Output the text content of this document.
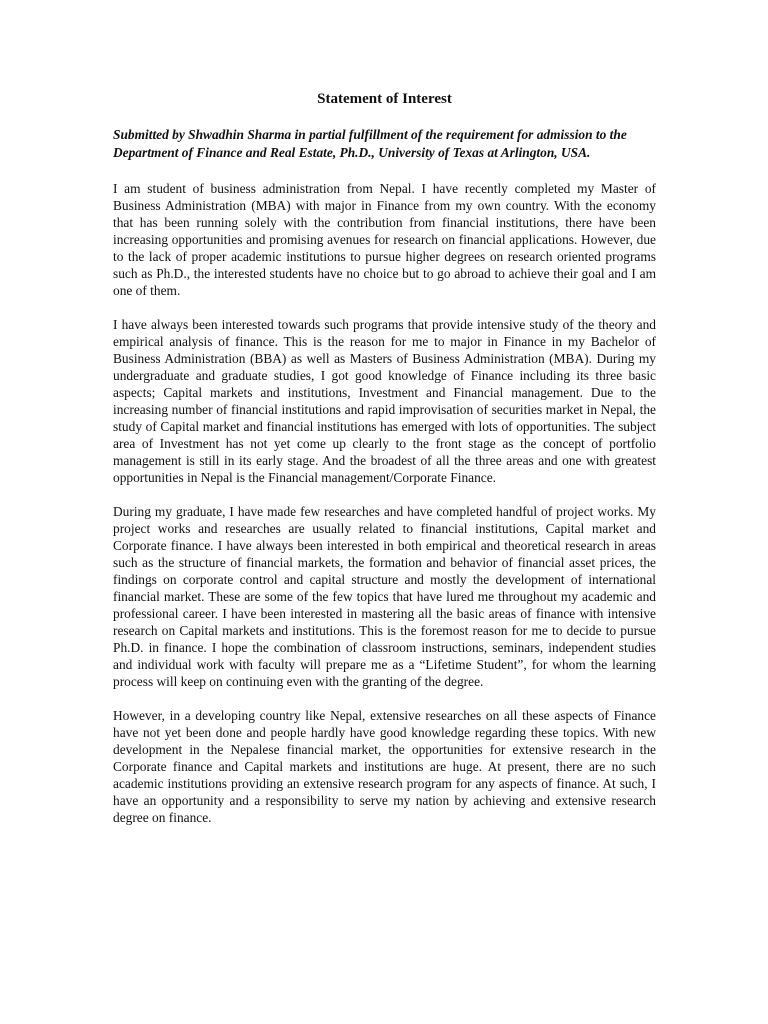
Statement of Interest
Submitted by Shwadhin Sharma in partial fulfillment of the requirement for admission to the Department of Finance and Real Estate, Ph.D., University of Texas at Arlington, USA.

I am student of business administration from Nepal. I have recently completed my Master of Business Administration (MBA) with major in Finance from my own country. With the economy that has been running solely with the contribution from financial institutions, there have been increasing opportunities and promising avenues for research on financial applications. However, due to the lack of proper academic institutions to pursue higher degrees on research oriented programs such as Ph.D., the interested students have no choice but to go abroad to achieve their goal and I am one of them.

I have always been interested towards such programs that provide intensive study of the theory and empirical analysis of finance. This is the reason for me to major in Finance in my Bachelor of Business Administration (BBA) as well as Masters of Business Administration (MBA). During my undergraduate and graduate studies, I got good knowledge of Finance including its three basic aspects; Capital markets and institutions, Investment and Financial management. Due to the increasing number of financial institutions and rapid improvisation of securities market in Nepal, the study of Capital market and financial institutions has emerged with lots of opportunities. The subject area of Investment has not yet come up clearly to the front stage as the concept of portfolio management is still in its early stage. And the broadest of all the three areas and one with greatest opportunities in Nepal is the Financial management/Corporate Finance.

During my graduate, I have made few researches and have completed handful of project works. My project works and researches are usually related to financial institutions, Capital market and Corporate finance. I have always been interested in both empirical and theoretical research in areas such as the structure of financial markets, the formation and behavior of financial asset prices, the findings on corporate control and capital structure and mostly the development of international financial market. These are some of the few topics that have lured me throughout my academic and professional career. I have been interested in mastering all the basic areas of finance with intensive research on Capital markets and institutions. This is the foremost reason for me to decide to pursue Ph.D. in finance. I hope the combination of classroom instructions, seminars, independent studies and individual work with faculty will prepare me as a “Lifetime Student”, for whom the learning process will keep on continuing even with the granting of the degree.

However, in a developing country like Nepal, extensive researches on all these aspects of Finance have not yet been done and people hardly have good knowledge regarding these topics. With new development in the Nepalese financial market, the opportunities for extensive research in the Corporate finance and Capital markets and institutions are huge. At present, there are no such academic institutions providing an extensive research program for any aspects of finance. At such, I have an opportunity and a responsibility to serve my nation by achieving and extensive research degree on finance.
